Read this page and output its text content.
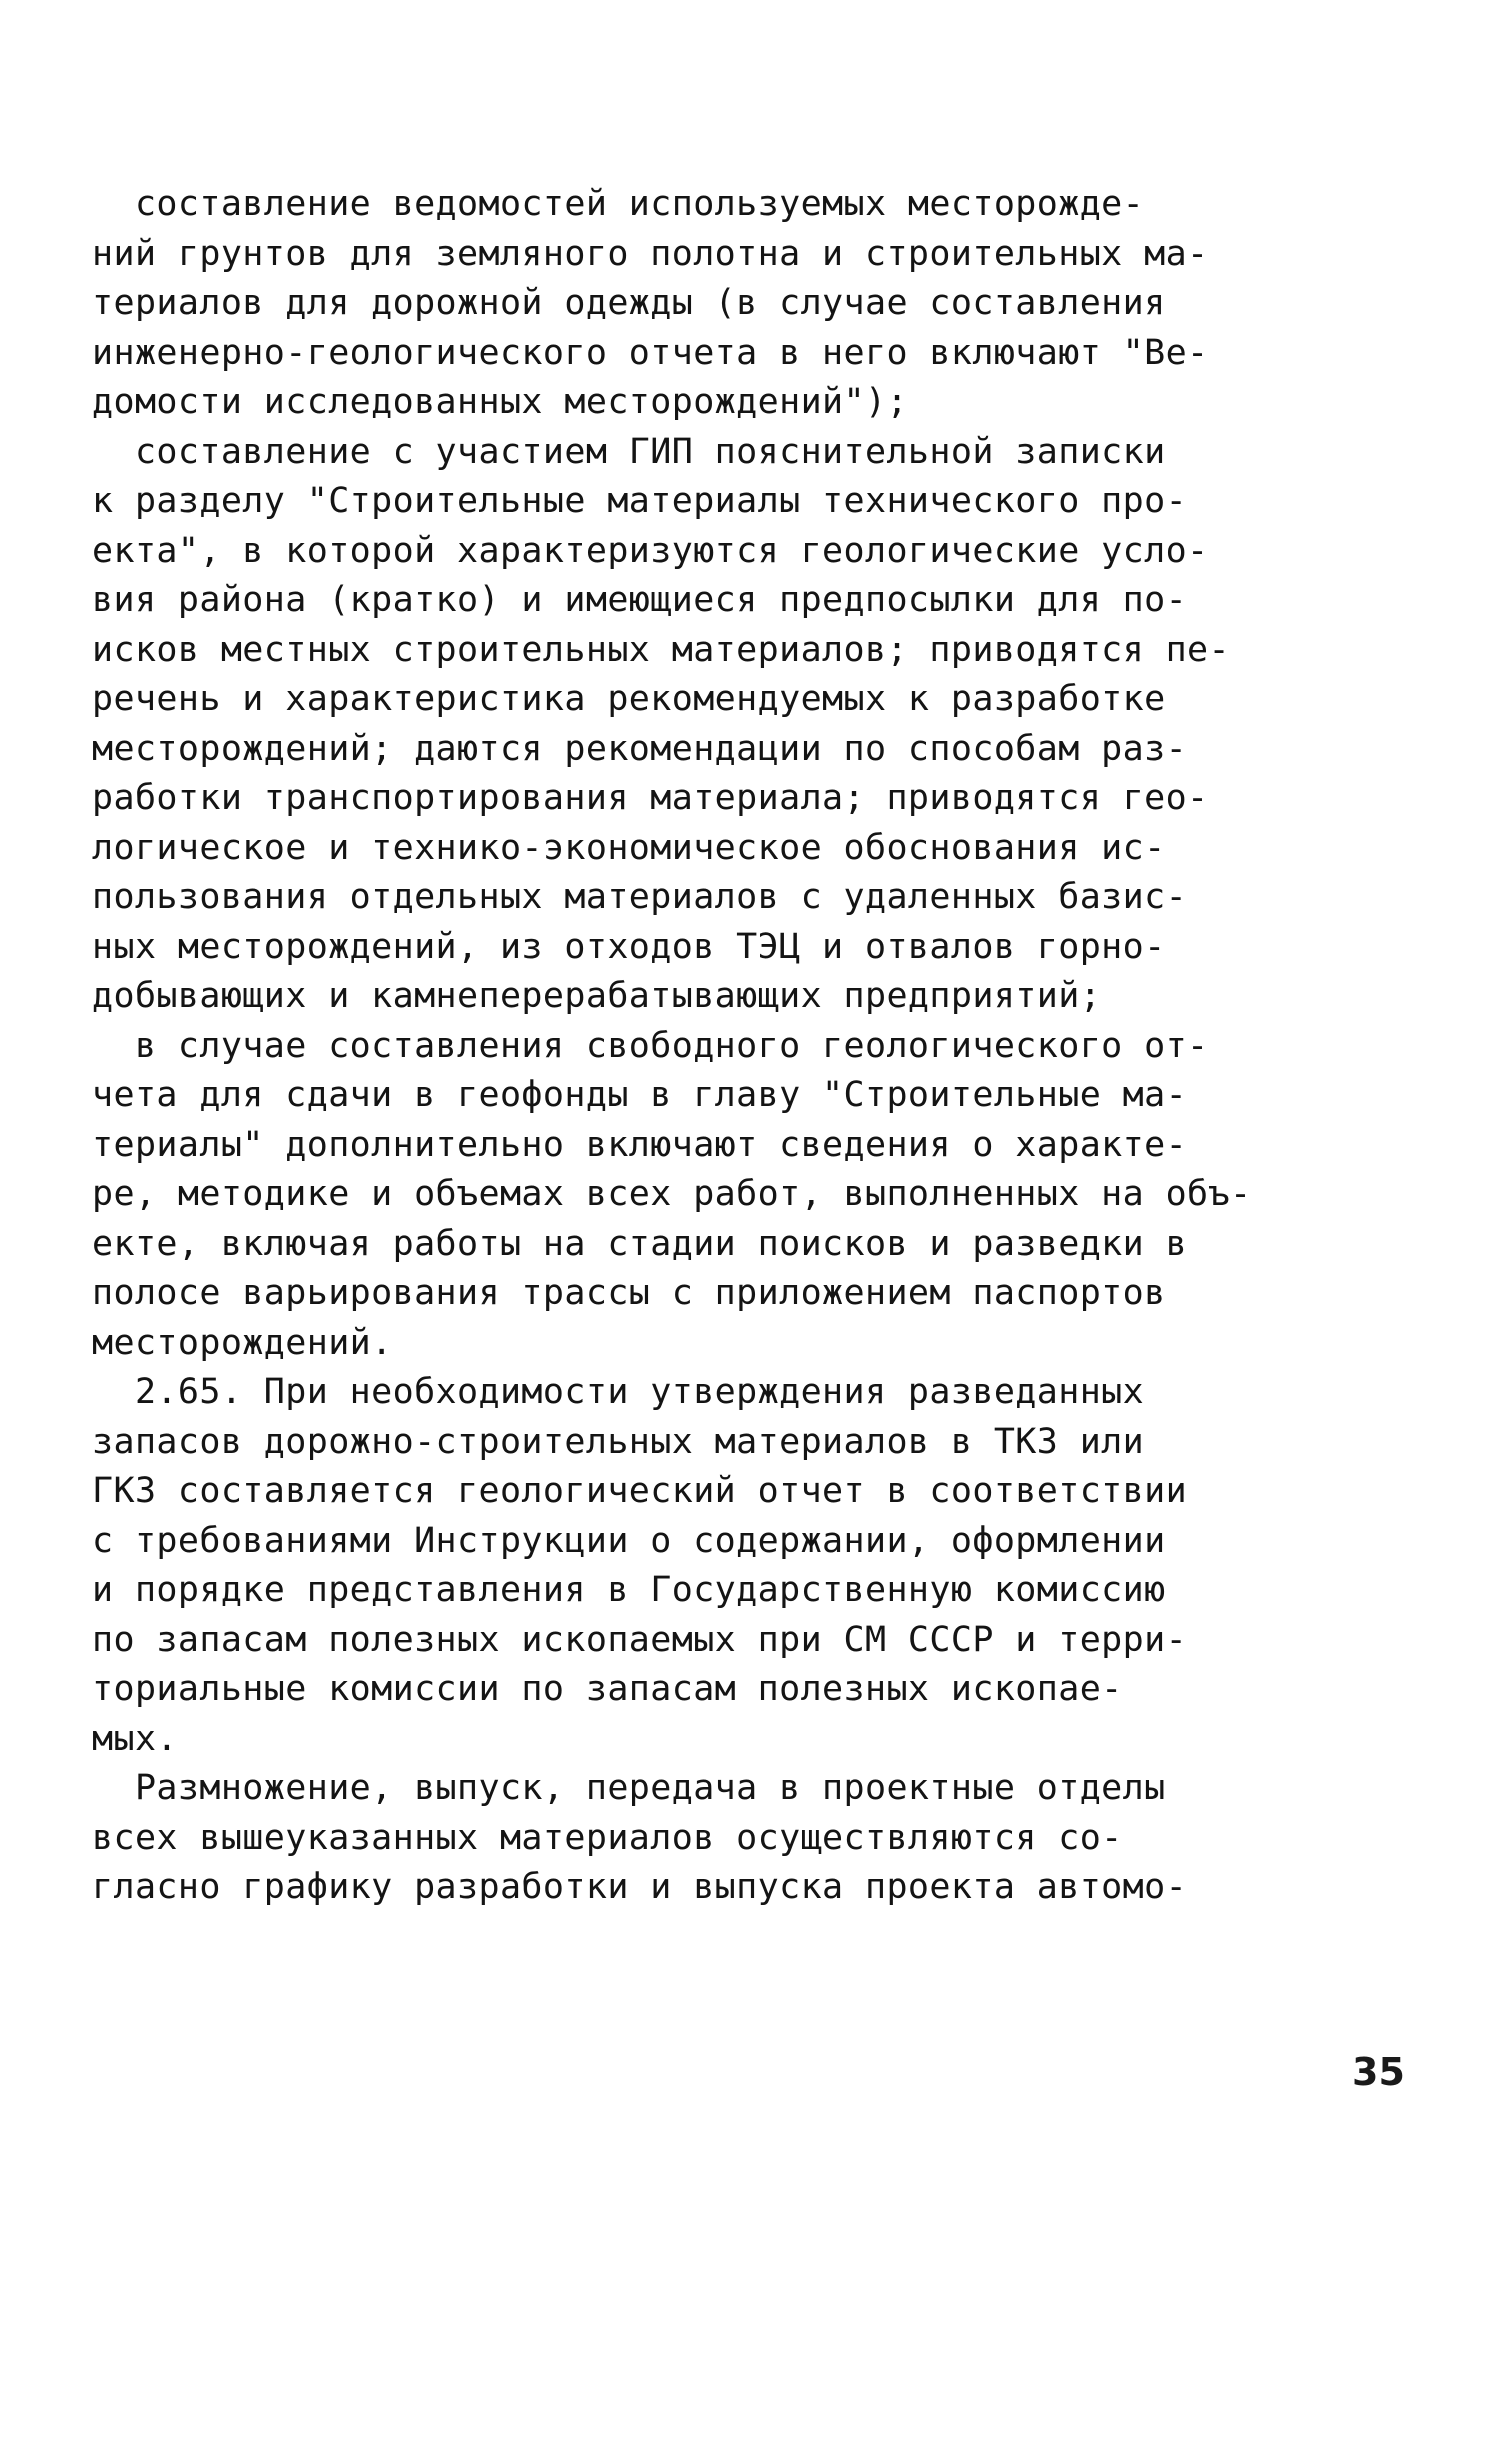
составление ведомостей используемых месторожде-
ний грунтов для земляного полотна и строительных ма-
териалов для дорожной одежды (в случае составления
инженерно-геологического отчета в него включают "Ве-
домости исследованных месторождений");
составление с участием ГИП пояснительной записки
к разделу "Строительные материалы технического про-
екта", в которой характеризуются геологические усло-
вия района (кратко) и имеющиеся предпосылки для по-
исков местных строительных материалов; приводятся пе-
речень и характеристика рекомендуемых к разработке
месторождений; даются рекомендации по способам раз-
работки транспортирования материала; приводятся гео-
логическое и технико-экономическое обоснования ис-
пользования отдельных материалов с удаленных базис-
ных месторождений, из отходов ТЭЦ и отвалов горно-
добывающих и камнеперерабатывающих предприятий;
в случае составления свободного геологического от-
чета для сдачи в геофонды в главу "Строительные ма-
териалы" дополнительно включают сведения о характе-
ре, методике и объемах всех работ, выполненных на объ-
екте, включая работы на стадии поисков и разведки в
полосе варьирования трассы с приложением паспортов
месторождений.
2.65. При необходимости утверждения разведанных
запасов дорожно-строительных материалов в ТКЗ или
ГКЗ составляется геологический отчет в соответствии
с требованиями Инструкции о содержании, оформлении
и порядке представления в Государственную комиссию
по запасам полезных ископаемых при СМ СССР и терри-
ториальные комиссии по запасам полезных ископае-
мых.
Размножение, выпуск, передача в проектные отделы
всех вышеуказанных материалов осуществляются со-
гласно графику разработки и выпуска проекта автомо-
35
